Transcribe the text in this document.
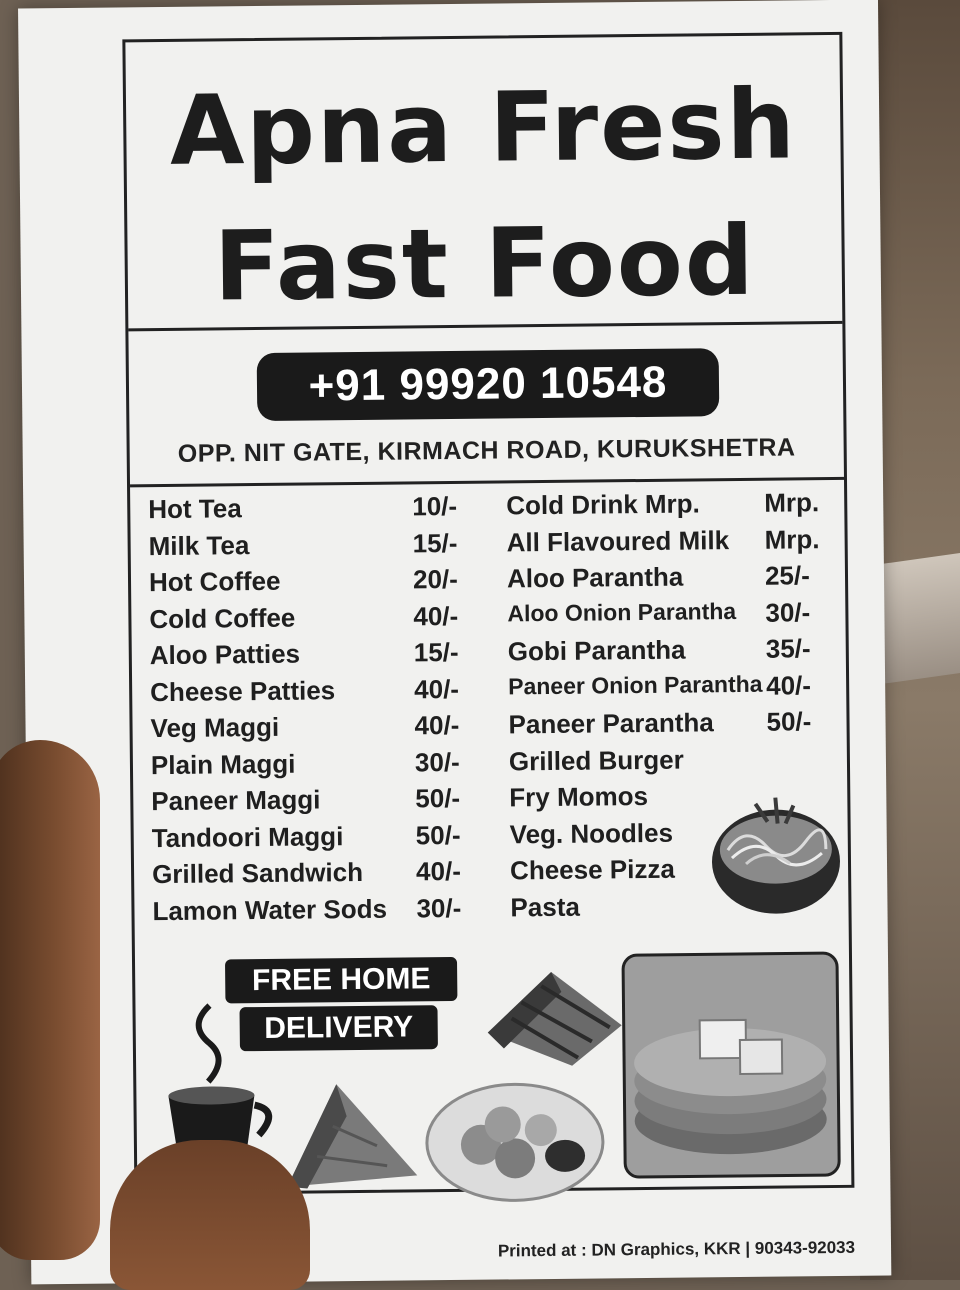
Apna Fresh
Fast Food
+91 99920 10548
OPP. NIT GATE, KIRMACH ROAD, KURUKSHETRA
Hot Tea	10/-
Milk Tea	15/-
Hot Coffee	20/-
Cold Coffee	40/-
Aloo Patties	15/-
Cheese Patties	40/-
Veg Maggi	40/-
Plain Maggi	30/-
Paneer Maggi	50/-
Tandoori Maggi	50/-
Grilled Sandwich 40/-
Lamon Water Sods 30/-
Cold Drink Mrp. Mrp.
All Flavoured Milk Mrp.
Aloo Parantha	25/-
Aloo Onion Parantha 30/-
Gobi Parantha	35/-
Paneer Onion Parantha 40/-
Paneer Parantha 50/-
Grilled Burger
Fry Momos
Veg. Noodles
Cheese Pizza
Pasta
FREE HOME
DELIVERY
Printed at : DN Graphics, KKR | 90343-92033
